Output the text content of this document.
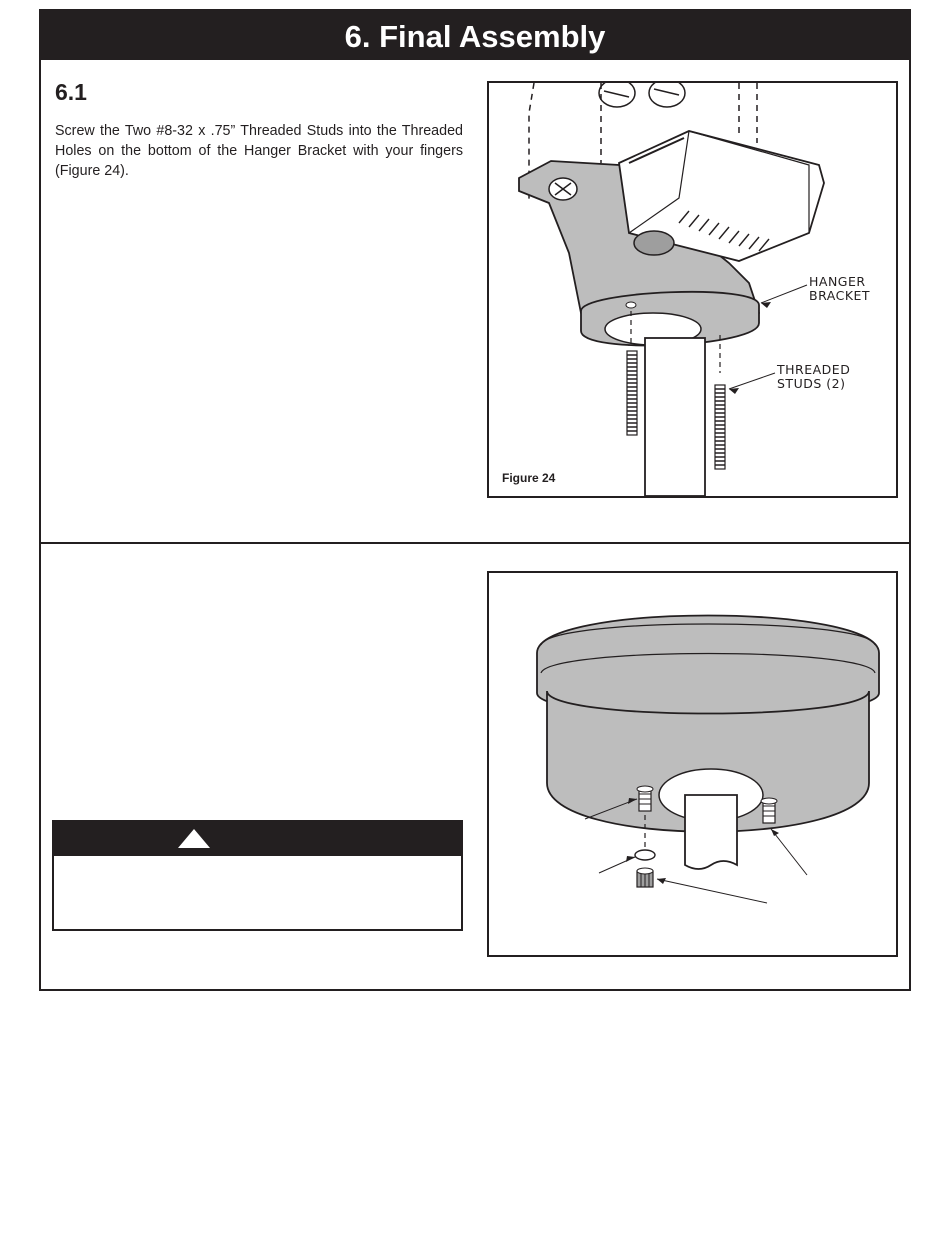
6. Final Assembly
6.1
Screw the Two #8-32 x .75” Threaded Studs into the Threaded Holes on the bottom of the Hanger Bracket with your fingers (Figure 24).
HANGER
BRACKET
THREADED
STUDS (2)
Figure 24
